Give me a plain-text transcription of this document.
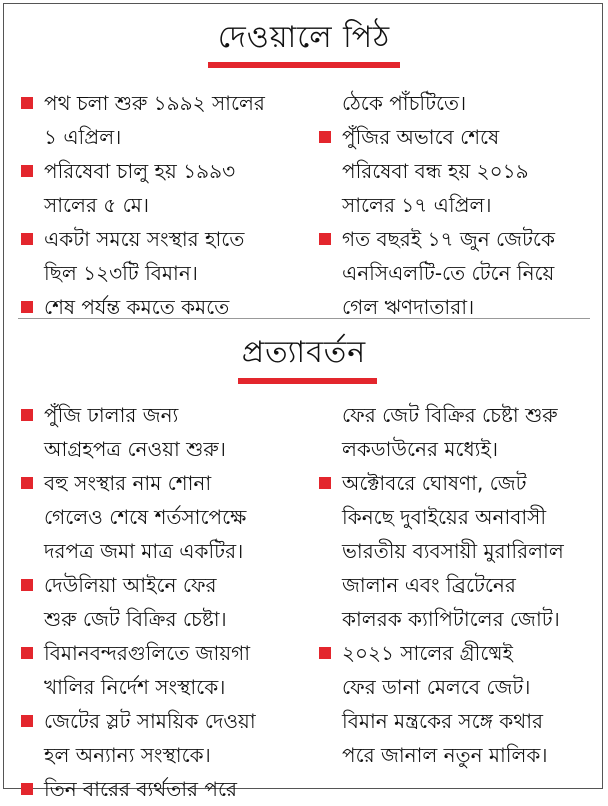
দেওয়ালে পিঠ
পথ চলা শুরু ১৯৯২ সালের
১ এপ্রিল।
পরিষেবা চালু হয় ১৯৯৩
সালের ৫ মে।
একটা সময়ে সংস্থার হাতে
ছিল ১২৩টি বিমান।
শেষ পর্যন্ত কমতে কমতে
ঠেকে পাঁচটিতে।
পুঁজির অভাবে শেষে
পরিষেবা বন্ধ হয় ২০১৯
সালের ১৭ এপ্রিল।
গত বছরই ১৭ জুন জেটকে
এনসিএলটি-তে টেনে নিয়ে
গেল ঋণদাতারা।
প্রত্যাবর্তন
পুঁজি ঢালার জন্য
আগ্রহপত্র নেওয়া শুরু।
বহু সংস্থার নাম শোনা
গেলেও শেষে শর্তসাপেক্ষে
দরপত্র জমা মাত্র একটির।
দেউলিয়া আইনে ফের
শুরু জেট বিক্রির চেষ্টা।
বিমানবন্দরগুলিতে জায়গা
খালির নির্দেশ সংস্থাকে।
জেটের স্লট সাময়িক দেওয়া
হল অন্যান্য সংস্থাকে।
তিন বারের ব্যর্থতার পরে
ফের জেট বিক্রির চেষ্টা শুরু
লকডাউনের মধ্যেই।
অক্টোবরে ঘোষণা, জেট
কিনছে দুবাইয়ের অনাবাসী
ভারতীয় ব্যবসায়ী মুরারিলাল
জালান এবং ব্রিটেনের
কালরক ক্যাপিটালের জোট।
২০২১ সালের গ্রীষ্মেই
ফের ডানা মেলবে জেট।
বিমান মন্ত্রকের সঙ্গে কথার
পরে জানাল নতুন মালিক।
